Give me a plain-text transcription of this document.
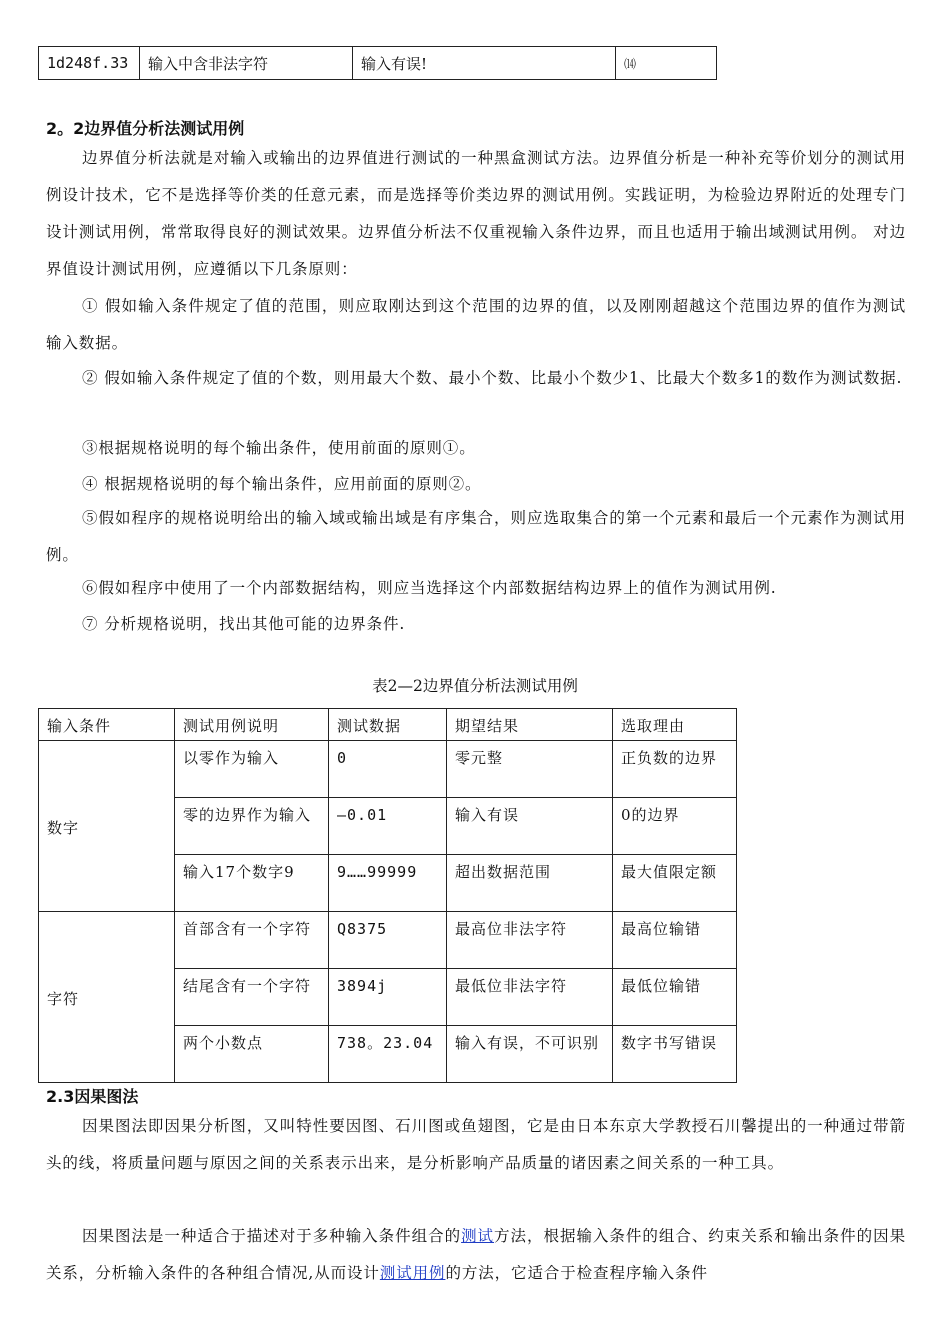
1d248f.33	输入中含非法字符	输入有误!	⒁
2。2边界值分析法测试用例

边界值分析法就是对输入或输出的边界值进行测试的一种黑盒测试方法。边界值分析是一种补充等价划分的测试用例设计技术，它不是选择等价类的任意元素，而是选择等价类边界的测试用例。实践证明，为检验边界附近的处理专门设计测试用例，常常取得良好的测试效果。边界值分析法不仅重视输入条件边界，而且也适用于输出域测试用例。 对边界值设计测试用例，应遵循以下几条原则：

① 假如输入条件规定了值的范围，则应取刚达到这个范围的边界的值，以及刚刚超越这个范围边界的值作为测试输入数据。

② 假如输入条件规定了值的个数，则用最大个数、最小个数、比最小个数少1、比最大个数多1的数作为测试数据.

③根据规格说明的每个输出条件，使用前面的原则①。

④ 根据规格说明的每个输出条件，应用前面的原则②。

⑤假如程序的规格说明给出的输入域或输出域是有序集合，则应选取集合的第一个元素和最后一个元素作为测试用例。

⑥假如程序中使用了一个内部数据结构，则应当选择这个内部数据结构边界上的值作为测试用例.

⑦ 分析规格说明，找出其他可能的边界条件.

表2—2边界值分析法测试用例
输入条件	测试用例说明	测试数据	期望结果	选取理由
数字	以零作为输入	0	零元整	正负数的边界
	零的边界作为输入	—0.01	输入有误	0的边界
	输入17个数字9	9……99999	超出数据范围	最大值限定额
字符	首部含有一个字符	Q8375	最高位非法字符	最高位输错
	结尾含有一个字符	3894j	最低位非法字符	最低位输错
	两个小数点	738。23.04	输入有误，不可识别	数字书写错误
2.3因果图法

因果图法即因果分析图，又叫特性要因图、石川图或鱼翅图，它是由日本东京大学教授石川馨提出的一种通过带箭头的线，将质量问题与原因之间的关系表示出来，是分析影响产品质量的诸因素之间关系的一种工具。

因果图法是一种适合于描述对于多种输入条件组合的测试方法，根据输入条件的组合、约束关系和输出条件的因果关系，分析输入条件的各种组合情况,从而设计测试用例的方法，它适合于检查程序输入条件
